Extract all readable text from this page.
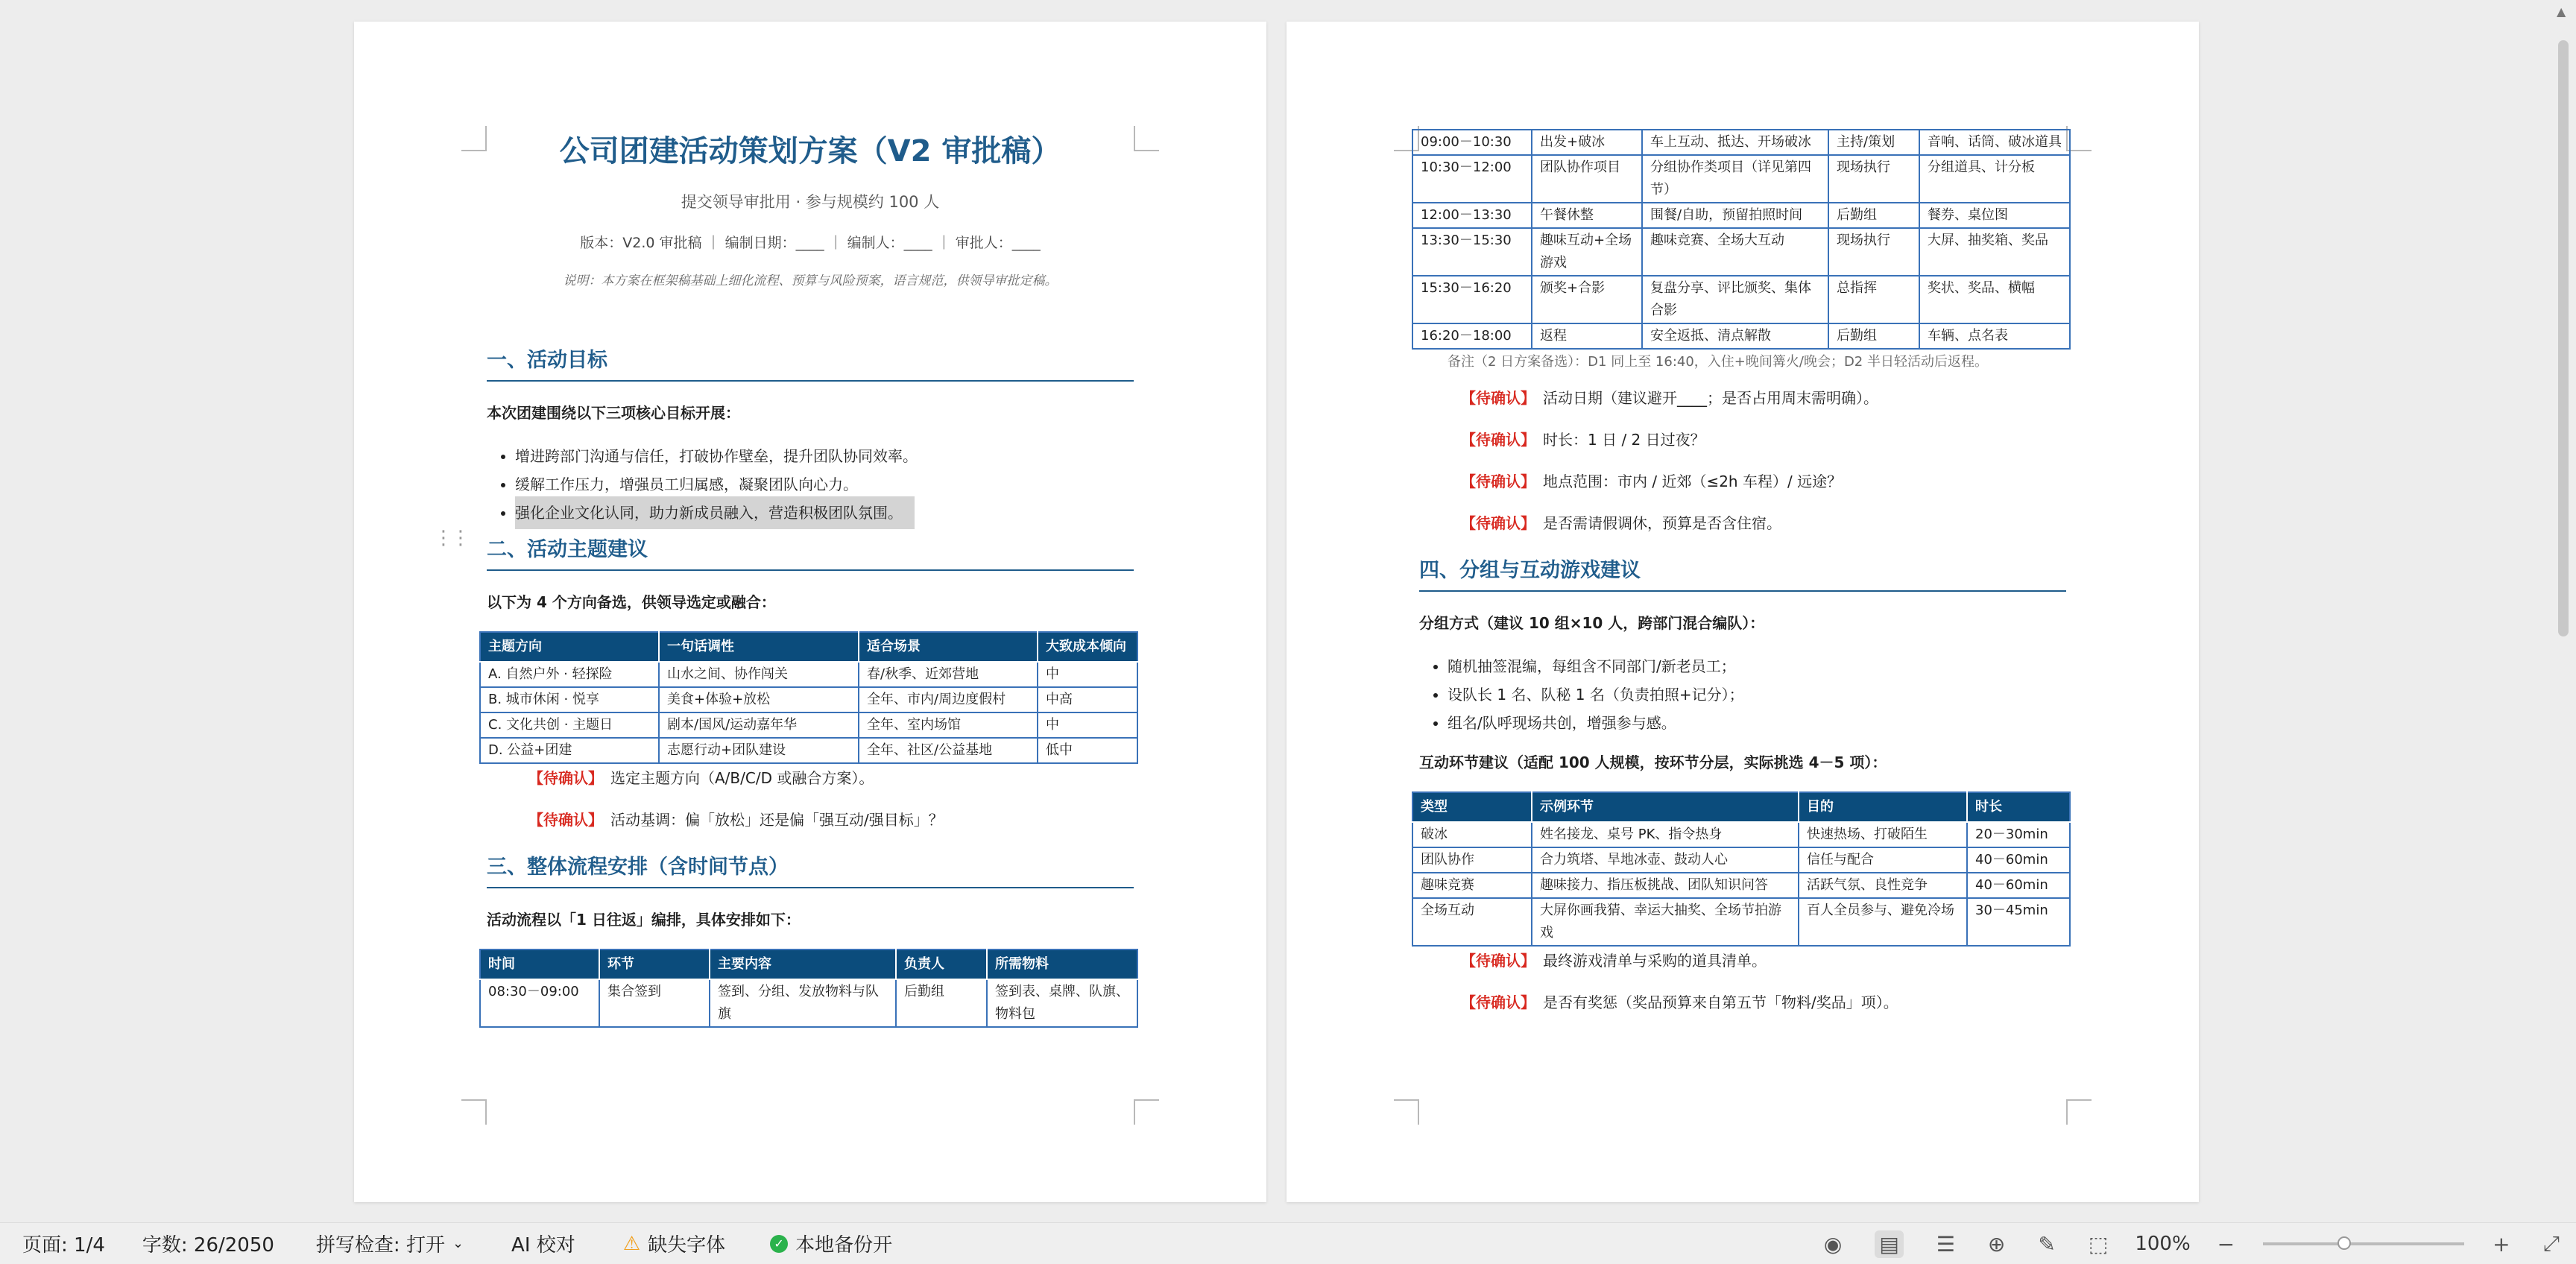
公司团建活动策划方案（V2 审批稿）
提交领导审批用 · 参与规模约 100 人
版本：V2.0 审批稿 ｜ 编制日期：____ ｜ 编制人：____ ｜ 审批人：____
说明：本方案在框架稿基础上细化流程、预算与风险预案，语言规范，供领导审批定稿。
一、活动目标
本次团建围绕以下三项核心目标开展：
• 增进跨部门沟通与信任，打破协作壁垒，提升团队协同效率。
• 缓解工作压力，增强员工归属感，凝聚团队向心力。
• 强化企业文化认同，助力新成员融入，营造积极团队氛围。
二、活动主题建议
以下为 4 个方向备选，供领导选定或融合：
主题方向	一句话调性	适合场景	大致成本倾向
A. 自然户外 · 轻探险	山水之间、协作闯关	春/秋季、近郊营地	中
B. 城市休闲 · 悦享	美食+体验+放松	全年、市内/周边度假村	中高
C. 文化共创 · 主题日	剧本/国风/运动嘉年华	全年、室内场馆	中
D. 公益+团建	志愿行动+团队建设	全年、社区/公益基地	低中
【待确认】 选定主题方向（A/B/C/D 或融合方案）。
【待确认】 活动基调：偏「放松」还是偏「强互动/强目标」？
三、整体流程安排（含时间节点）
活动流程以「1 日往返」编排，具体安排如下：
时间	环节	主要内容	负责人	所需物料
08:30－09:00	集合签到	签到、分组、发放物料与队旗	后勤组	签到表、桌牌、队旗、物料包
⋮⋮
09:00－10:30	出发+破冰	车上互动、抵达、开场破冰	主持/策划	音响、话筒、破冰道具
10:30－12:00	团队协作项目	分组协作类项目（详见第四节）	现场执行	分组道具、计分板
12:00－13:30	午餐休整	围餐/自助，预留拍照时间	后勤组	餐券、桌位图
13:30－15:30	趣味互动+全场游戏	趣味竞赛、全场大互动	现场执行	大屏、抽奖箱、奖品
15:30－16:20	颁奖+合影	复盘分享、评比颁奖、集体合影	总指挥	奖状、奖品、横幅
16:20－18:00	返程	安全返抵、清点解散	后勤组	车辆、点名表
备注（2 日方案备选）：D1 同上至 16:40，入住+晚间篝火/晚会；D2 半日轻活动后返程。
【待确认】 活动日期（建议避开____；是否占用周末需明确）。
【待确认】 时长：1 日 / 2 日过夜？
【待确认】 地点范围：市内 / 近郊（≤2h 车程）/ 远途？
【待确认】 是否需请假调休，预算是否含住宿。
四、分组与互动游戏建议
分组方式（建议 10 组×10 人，跨部门混合编队）：
• 随机抽签混编，每组含不同部门/新老员工；
• 设队长 1 名、队秘 1 名（负责拍照+记分）；
• 组名/队呼现场共创，增强参与感。
互动环节建议（适配 100 人规模，按环节分层，实际挑选 4－5 项）：
类型	示例环节	目的	时长
破冰	姓名接龙、桌号 PK、指令热身	快速热场、打破陌生	20－30min
团队协作	合力筑塔、旱地冰壶、鼓动人心	信任与配合	40－60min
趣味竞赛	趣味接力、指压板挑战、团队知识问答	活跃气氛、良性竞争	40－60min
全场互动	大屏你画我猜、幸运大抽奖、全场节拍游戏	百人全员参与、避免冷场	30－45min
【待确认】 最终游戏清单与采购的道具清单。
【待确认】 是否有奖惩（奖品预算来自第五节「物料/奖品」项）。
▲
页面: 1/4 字数: 26/2050 拼写检查: 打开 ⌄ AI 校对 ⚠ 缺失字体	✓ 本地备份开	◉ ▤ ☰ ⊕ ✎ ⬚ 100% −	+ ⤢
